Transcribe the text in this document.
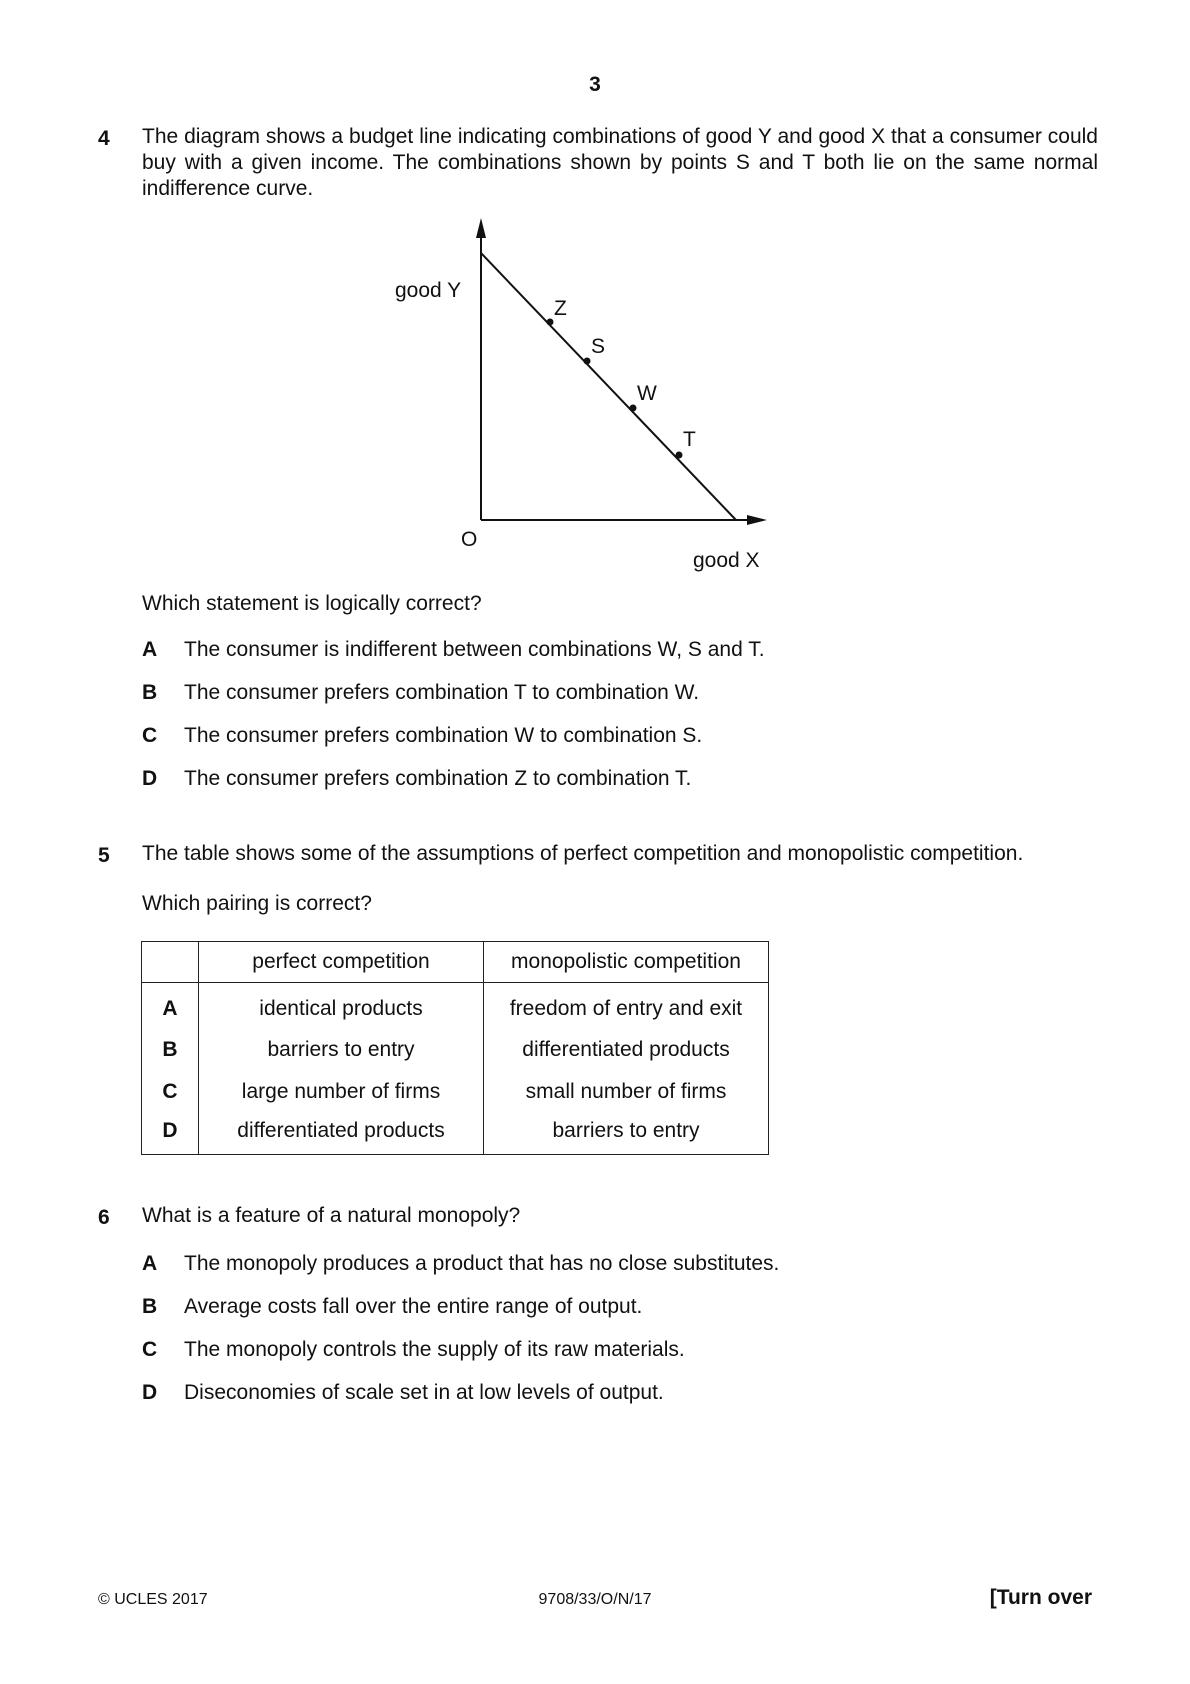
3
4 The diagram shows a budget line indicating combinations of good Y and good X that a consumer could buy with a given income. The combinations shown by points S and T both lie on the same normal indifference curve.
good Y
good X
O
Z
S
W
T
Which statement is logically correct?
A The consumer is indifferent between combinations W, S and T.
B The consumer prefers combination T to combination W.
C The consumer prefers combination W to combination S.
D The consumer prefers combination Z to combination T.
5 The table shows some of the assumptions of perfect competition and monopolistic competition.
Which pairing is correct?
	perfect competition	monopolistic competition
A	identical products	freedom of entry and exit
B	barriers to entry	differentiated products
C	large number of firms	small number of firms
D	differentiated products	barriers to entry
6 What is a feature of a natural monopoly?
A The monopoly produces a product that has no close substitutes.
B Average costs fall over the entire range of output.
C The monopoly controls the supply of its raw materials.
D Diseconomies of scale set in at low levels of output.
© UCLES 2017	9708/33/O/N/17	[Turn over
